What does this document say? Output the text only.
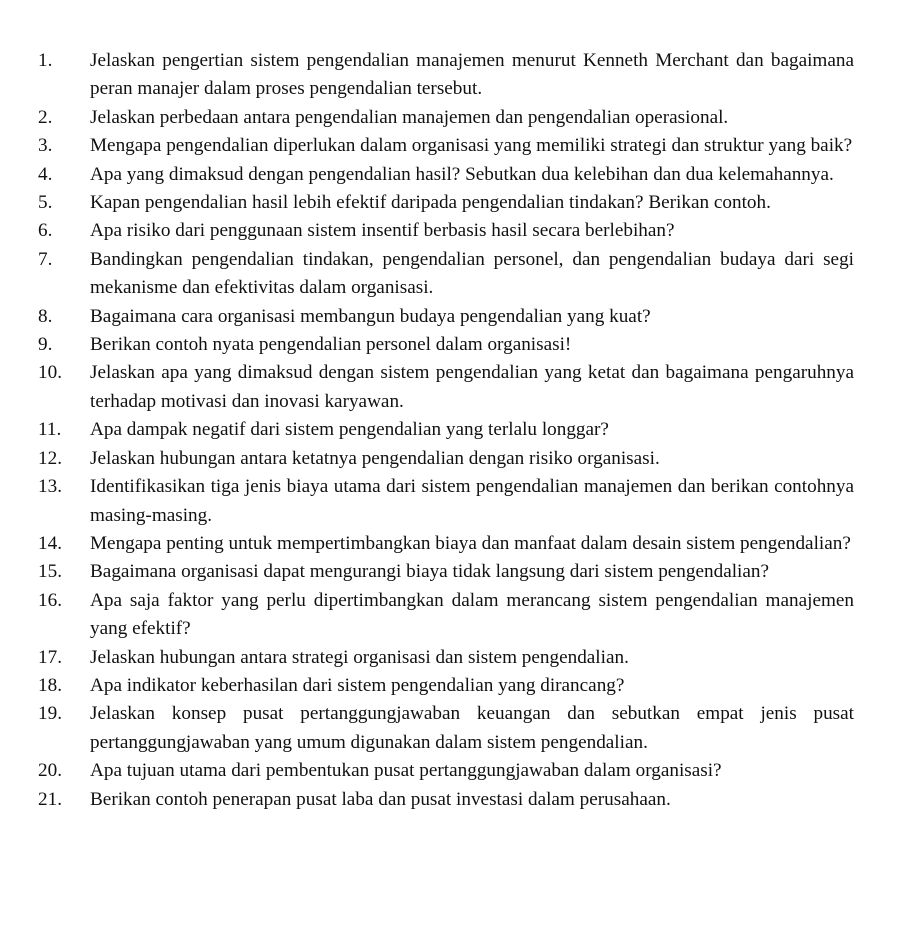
1. Jelaskan pengertian sistem pengendalian manajemen menurut Kenneth Merchant dan bagaimana peran manajer dalam proses pengendalian tersebut.
2. Jelaskan perbedaan antara pengendalian manajemen dan pengendalian operasional.
3. Mengapa pengendalian diperlukan dalam organisasi yang memiliki strategi dan struktur yang baik?
4. Apa yang dimaksud dengan pengendalian hasil? Sebutkan dua kelebihan dan dua kelemahannya.
5. Kapan pengendalian hasil lebih efektif daripada pengendalian tindakan? Berikan contoh.
6. Apa risiko dari penggunaan sistem insentif berbasis hasil secara berlebihan?
7. Bandingkan pengendalian tindakan, pengendalian personel, dan pengendalian budaya dari segi mekanisme dan efektivitas dalam organisasi.
8. Bagaimana cara organisasi membangun budaya pengendalian yang kuat?
9. Berikan contoh nyata pengendalian personel dalam organisasi!
10. Jelaskan apa yang dimaksud dengan sistem pengendalian yang ketat dan bagaimana pengaruhnya terhadap motivasi dan inovasi karyawan.
11. Apa dampak negatif dari sistem pengendalian yang terlalu longgar?
12. Jelaskan hubungan antara ketatnya pengendalian dengan risiko organisasi.
13. Identifikasikan tiga jenis biaya utama dari sistem pengendalian manajemen dan berikan contohnya masing-masing.
14. Mengapa penting untuk mempertimbangkan biaya dan manfaat dalam desain sistem pengendalian?
15. Bagaimana organisasi dapat mengurangi biaya tidak langsung dari sistem pengendalian?
16. Apa saja faktor yang perlu dipertimbangkan dalam merancang sistem pengendalian manajemen yang efektif?
17. Jelaskan hubungan antara strategi organisasi dan sistem pengendalian.
18. Apa indikator keberhasilan dari sistem pengendalian yang dirancang?
19. Jelaskan konsep pusat pertanggungjawaban keuangan dan sebutkan empat jenis pusat pertanggungjawaban yang umum digunakan dalam sistem pengendalian.
20. Apa tujuan utama dari pembentukan pusat pertanggungjawaban dalam organisasi?
21. Berikan contoh penerapan pusat laba dan pusat investasi dalam perusahaan.
